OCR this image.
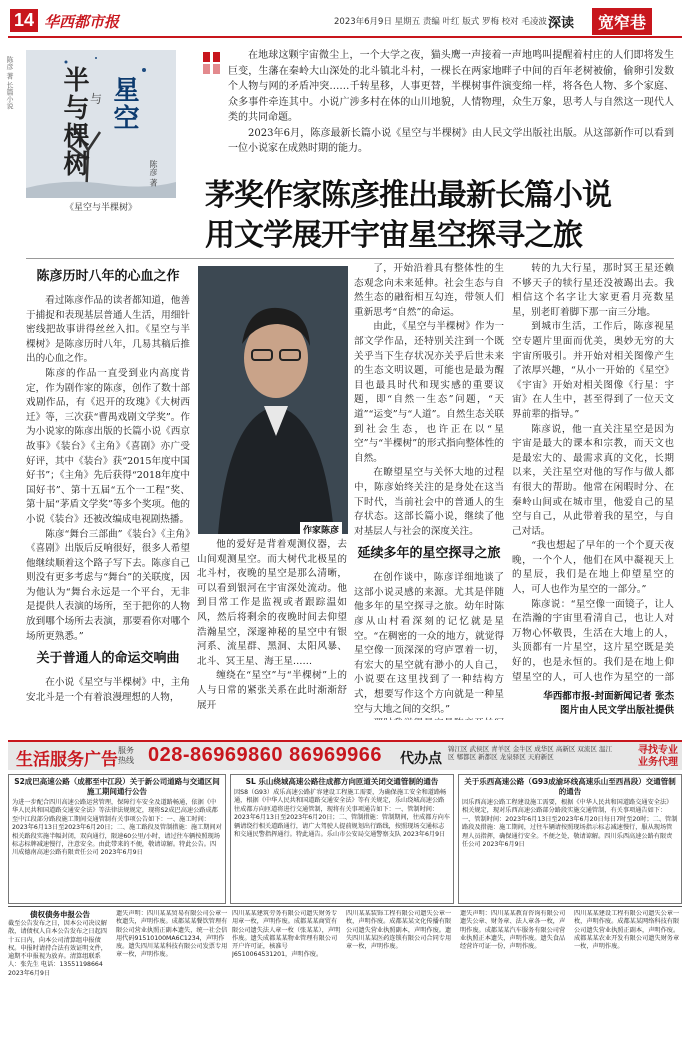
14 华西都市报	2023年6月9日 星期五 责编 叶红 版式 罗梅 校对 毛凌波 深读	宽窄巷
半与棵树 与 星空
陈彦 著
陈彦 著 长篇小说
《星空与半棵树》

在地球这颗宇宙微尘上，一个大学之夜，猫头鹰一声接着一声地鸣叫提醒着村庄的人们即将发生巨变，生藩在秦岭大山深处的北斗镇北斗村，一棵长在两家地畔子中间的百年老树被偷，偷卵引发数个人物与网的矛盾冲突……千转星移，人事更替，半棵树事件演变绵一样，将各色人物、多个家庭、众多事件牵连其中。小说广涉多村在体的山川地貌，人情物理，众生万象，思考人与自然这一现代人类的共同命题。

2023年6月，陈彦最新长篇小说《星空与半棵树》由人民文学出版社出版。从这部新作可以看到一位小说家在成熟时期的能力。

茅奖作家陈彦推出最新长篇小说
用文学展开宇宙星空探寻之旅
陈彦历时八年的心血之作

看过陈彦作品的读者都知道，他善于捕捉和表现基层普通人生活，用细针密线把故事讲得丝丝入扣。《星空与半棵树》是陈彦历时八年，几易其稿后推出的心血之作。

陈彦的作品一直受到业内高度肯定，作为剧作家的陈彦，创作了数十部戏剧作品，有《迟开的玫瑰》《大树西迁》等，三次获“曹禺戏剧文学奖”。作为小说家的陈彦出版的长篇小说《西京故事》《装台》《主角》《喜剧》亦广受好评，其中《装台》获“2015年度中国好书”；《主角》先后获得“2018年度中国好书”、第十五届“五个一工程”奖、第十届“茅盾文学奖”等多个奖项。他的小说《装台》还被改编成电视剧热播。

陈彦“舞台三部曲”《装台》《主角》《喜剧》出版后反响很好，很多人希望他继续顺着这个路子写下去。陈彦自己则没有更多考虑与“舞台”的关联度，因为他认为“舞台永远是一个平台，无非是提供人表演的场所，至于把你的人物放到哪个场所去表演，那要看你对哪个场所更熟悉。”

关于普通人的命运交响曲

在小说《星空与半棵树》中，主角安北斗是一个有着浪漫理想的人物，

作家陈彦

他的爱好是背着观测仪器，去山间观测星空。而大树代北极星的北斗村，夜晚的星空是那么清晰，可以看到银河在宇宙深处流动。他到目常工作是监视或者跟踪温如风，然后将剩余的夜晚时间去仰望浩瀚星空，深邃神秘的星空中有银河系、流星群、黑洞、太阳风暴、北斗、冥王星、海王星……

缠绕在“星空”与“半棵树”上的人与日常的紧张关系在此时渐渐舒展开

了，开始沿着具有整体性的生态观念向未来延伸。社会生态与自然生态的融衔相互勾连，带领人们重新思考“自然”的命运。

由此，《星空与半棵树》作为一部文学作品，还特别关注到一个既关乎当下生存状况亦关乎后世未来的生态文明议题，可能也是最为醒目也最具时代和现实感的重要议题，即“自然一生态”问题，“天道”“运变”与“人道”。自然生态关联到社会生态，也许正在以“星空”与“半棵树”的形式指向整体性的自然。

在瞭望星空与关怀大地的过程中，陈彦始终关注的是身处在这当下时代，当前社会中的普通人的生存状态。这部长篇小说，继续了他对基层人与社会的深度关注。

延续多年的星空探寻之旅

在创作谈中，陈彦详细地谈了这部小说灵感的来源。尤其是伴随他多年的星空探寻之旅。幼年时陈彦从山村看深刻的记忆就是星空。“在稠密的一众的地方，就觉得星空像一顶深深的穹庐罩着一切，有宏大的星空就有渺小的人自己，小说要在这里找到了一种结构方式，想要写作这个方向就是一种星空与大地之间的交织。”

转的九大行星，那时冥王星还赖不够天子的犊行星还没被踢出去。我相信这个名字让大家更看月亮数星星，别老盯着脚下那一亩三分地。

到城市生活，工作后，陈彦视星空专题片里面而优美，奥妙无穷的大宇宙所吸引。并开始对相关图像产生了浓厚兴趣，“从小一开始的《星空》《宇宙》开始对相关图像《行星：宇宙》在人生中，甚至得到了一位天文界前辈的指导。”

陈彦说，他一直关注星空是因为宇宙是最大的课本和宗教，而天文也是最宏大的、最需求真的文化，长期以来，关注星空对他的写作与做人都有很大的帮助。他常在闲暇时分、在秦岭山间或在城市里，他爱自己的星空与自己，从此带着我的星空，与自己对话。

“我也想起了早年的一个个夏天夜晚，一个个人，他们在风中凝视天上的星辰，我们是在地上仰望星空的人，可人也作为星空的一部分。”

陈彦说：“星空像一面镜子，让人在浩瀚的宇宙里看清自己，也让人对万物心怀敬畏，生活在大地上的人，头顶都有一片星空，这片星空既是美好的，也是永恒的。我们是在地上仰望星空的人，可人也作为星空的一部

华西都市报-封面新闻记者 张杰
图片由人民文学出版社提供
生活服务广告 服务
热线 028-86969860 86969966 代办点
锦江区 武侯区 青羊区 金牛区 成华区 高新区 双流区 温江区 郫都区 新都区 龙泉驿区 天府新区
寻找专业
业务代理
S2成巴高速公路（成都至中江段）关于新公司道路与交通区间施工期间通行公告
为进一步配合四川高速公路运营管理，保障行车安全及道路畅通，依据《中华人民共和国道路交通安全法》等法律法规规定，现将S2成巴高速公路成都至中江段部分路段施工期间交通管制有关事项公告如下：一、施工时间：2023年6月13日至2023年6月20日；二、施工路段及管制措施：施工期间对相关路段实施半幅封闭，双向通行，限速60公里/小时，请过往车辆按照现场标志标牌减速慢行，注意安全。由此带来的不便，敬请谅解。特此公告。四川成德南高速公路有限责任公司 2023年6月9日
SL 乐山绕城高速公路往成都方向匝道关闭交通管制的通告
因S8（G93）成乐高速公路扩容建设工程施工需要，为确保施工安全和道路畅通，根据《中华人民共和国道路交通安全法》等有关规定，乐山绕城高速公路往成都方向匝道将进行交通管制，现将有关事项通告如下：一、管制时间：2023年6月13日至2023年6月20日；二、管制措施：管制期间，往成都方向车辆请绕行相关道路通行，请广大驾驶人提前规划出行路线，按照现场交通标志和交通民警指挥通行。特此通告。乐山市公安局交通警察支队 2023年6月9日
关于乐西高速公路（G93成渝环线高速乐山至西昌段）交通管制的通告
因乐西高速公路工程建设施工需要，根据《中华人民共和国道路交通安全法》相关规定，现对乐西高速公路部分路段实施交通管制，有关事项通告如下：一、管制时间：2023年6月13日至2023年6月20日每日7时至20时；二、管制路段及措施：施工期间，过往车辆请按照现场指示标志减速慢行，服从现场管理人员指挥，确保通行安全。不便之处，敬请谅解。四川乐西高速公路有限责任公司 2023年6月9日
债权债务申报公告
截至公告发布之日，因本公司决议解散，请债权人自本公告发布之日起四十五日内，向本公司清算组申报债权。申报时请持合法有效证明文件，逾期不申报视为放弃。清算组联系人：张先生 电话：13551198664 2023年6月9日
遗失声明：四川某某贸易有限公司公章一枚遗失，声明作废。成都某某餐饮管理有限公司营业执照正副本遗失，统一社会信用代码91510100MA6C1234，声明作废。遗失四川某某科技有限公司发票专用章一枚，声明作废。
四川某某建筑劳务有限公司遗失财务专用章一枚，声明作废。成都某某商贸有限公司遗失法人章一枚（张某某），声明作废。遗失成都某某物业管理有限公司开户许可证，核准号J6510064531201，声明作废。
四川某某装饰工程有限公司遗失公章一枚，声明作废。成都某某文化传播有限公司遗失营业执照副本，声明作废。遗失四川某某医药连锁有限公司合同专用章一枚，声明作废。
遗失声明：四川某某教育咨询有限公司遗失公章、财务章、法人章各一枚，声明作废。成都某某汽车服务有限公司营业执照正本遗失，声明作废。遗失食品经营许可证一份，声明作废。
四川某某建设工程有限公司遗失公章一枚，声明作废。成都某某网络科技有限公司遗失营业执照正副本，声明作废。成都某某农业开发有限公司遗失财务章一枚，声明作废。
